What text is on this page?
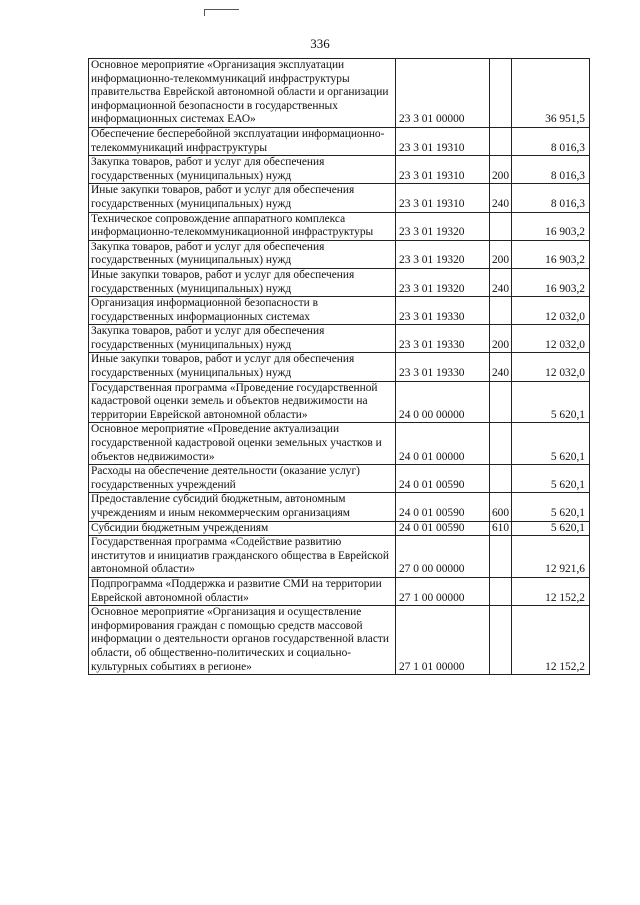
336
Основное мероприятие «Организация эксплуатации информационно-телекоммуникаций инфраструктуры правительства Еврейской автономной области и организации информационной безопасности в государственных информационных системах ЕАО»	23 3 01 00000		36 951,5
Обеспечение бесперебойной эксплуатации информационно-телекоммуникаций инфраструктуры	23 3 01 19310		8 016,3
Закупка товаров, работ и услуг для обеспечения государственных (муниципальных) нужд	23 3 01 19310	200	8 016,3
Иные закупки товаров, работ и услуг для обеспечения государственных (муниципальных) нужд	23 3 01 19310	240	8 016,3
Техническое сопровождение аппаратного комплекса информационно-телекоммуникационной инфраструктуры	23 3 01 19320		16 903,2
Закупка товаров, работ и услуг для обеспечения государственных (муниципальных) нужд	23 3 01 19320	200	16 903,2
Иные закупки товаров, работ и услуг для обеспечения государственных (муниципальных) нужд	23 3 01 19320	240	16 903,2
Организация информационной безопасности в государственных информационных системах	23 3 01 19330		12 032,0
Закупка товаров, работ и услуг для обеспечения государственных (муниципальных) нужд	23 3 01 19330	200	12 032,0
Иные закупки товаров, работ и услуг для обеспечения государственных (муниципальных) нужд	23 3 01 19330	240	12 032,0
Государственная программа «Проведение государственной кадастровой оценки земель и объектов недвижимости на территории Еврейской автономной области»	24 0 00 00000		5 620,1
Основное мероприятие «Проведение актуализации государственной кадастровой оценки земельных участков и объектов недвижимости»	24 0 01 00000		5 620,1
Расходы на обеспечение деятельности (оказание услуг) государственных учреждений	24 0 01 00590		5 620,1
Предоставление субсидий бюджетным, автономным учреждениям и иным некоммерческим организациям	24 0 01 00590	600	5 620,1
Субсидии бюджетным учреждениям	24 0 01 00590	610	5 620,1
Государственная программа «Содействие развитию институтов и инициатив гражданского общества в Еврейской автономной области»	27 0 00 00000		12 921,6
Подпрограмма «Поддержка и развитие СМИ на территории Еврейской автономной области»	27 1 00 00000		12 152,2
Основное мероприятие «Организация и осуществление информирования граждан с помощью средств массовой информации о деятельности органов государственной власти области, об общественно-политических и социально-культурных событиях в регионе»	27 1 01 00000		12 152,2
